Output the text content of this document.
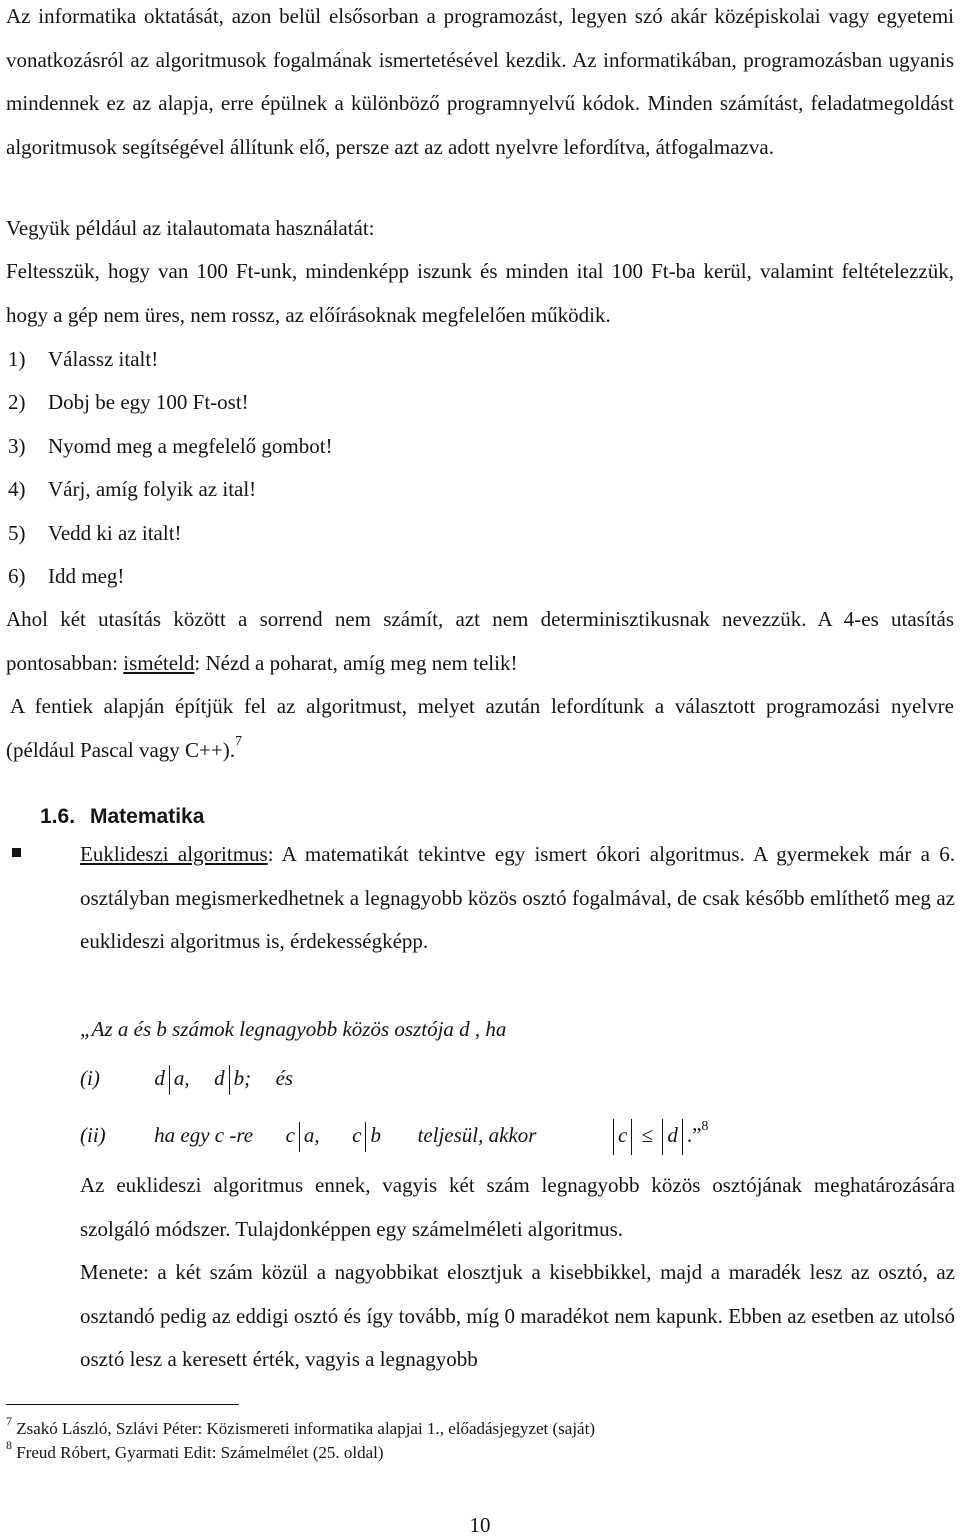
Az informatika oktatását, azon belül elsősorban a programozást, legyen szó akár középiskolai vagy egyetemi vonatkozásról az algoritmusok fogalmának ismertetésével kezdik. Az informatikában, programozásban ugyanis mindennek ez az alapja, erre épülnek a különböző programnyelvű kódok. Minden számítást, feladatmegoldást algoritmusok segítségével állítunk elő, persze azt az adott nyelvre lefordítva, átfogalmazva.

Vegyük például az italautomata használatát:

Feltesszük, hogy van 100 Ft-unk, mindenképp iszunk és minden ital 100 Ft-ba kerül, valamint feltételezzük, hogy a gép nem üres, nem rossz, az előírásoknak megfelelően működik.

1) Válassz italt!
2) Dobj be egy 100 Ft-ost!
3) Nyomd meg a megfelelő gombot!
4) Várj, amíg folyik az ital!
5) Vedd ki az italt!
6) Idd meg!

Ahol két utasítás között a sorrend nem számít, azt nem determinisztikusnak nevezzük. A 4-es utasítás pontosabban: ismételd: Nézd a poharat, amíg meg nem telik!

A fentiek alapján építjük fel az algoritmust, melyet azután lefordítunk a választott programozási nyelvre (például Pascal vagy C++).$^7$

1.6. Matematika

Euklideszi algoritmus: A matematikát tekintve egy ismert ókori algoritmus. A gyermekek már a 6. osztályban megismerkedhetnek a legnagyobb közös osztó fogalmával, de csak később említhető meg az euklideszi algoritmus is, érdekességképp.

„Az a és b számok legnagyobb közös osztója d , ha
(i)	d a, d b; és
(ii) ha egy c -re c a, c b teljesül, akkor	c ≤ d .”$^8$

Az euklideszi algoritmus ennek, vagyis két szám legnagyobb közös osztójának meghatározására szolgáló módszer. Tulajdonképpen egy számelméleti algoritmus.

Menete: a két szám közül a nagyobbikat elosztjuk a kisebbikkel, majd a maradék lesz az osztó, az osztandó pedig az eddigi osztó és így tovább, míg 0 maradékot nem kapunk. Ebben az esetben az utolsó osztó lesz a keresett érték, vagyis a legnagyobb

$^7$ Zsakó László, Szlávi Péter: Közismereti informatika alapjai 1., előadásjegyzet (saját)
$^8$ Freud Róbert, Gyarmati Edit: Számelmélet (25. oldal)
10
